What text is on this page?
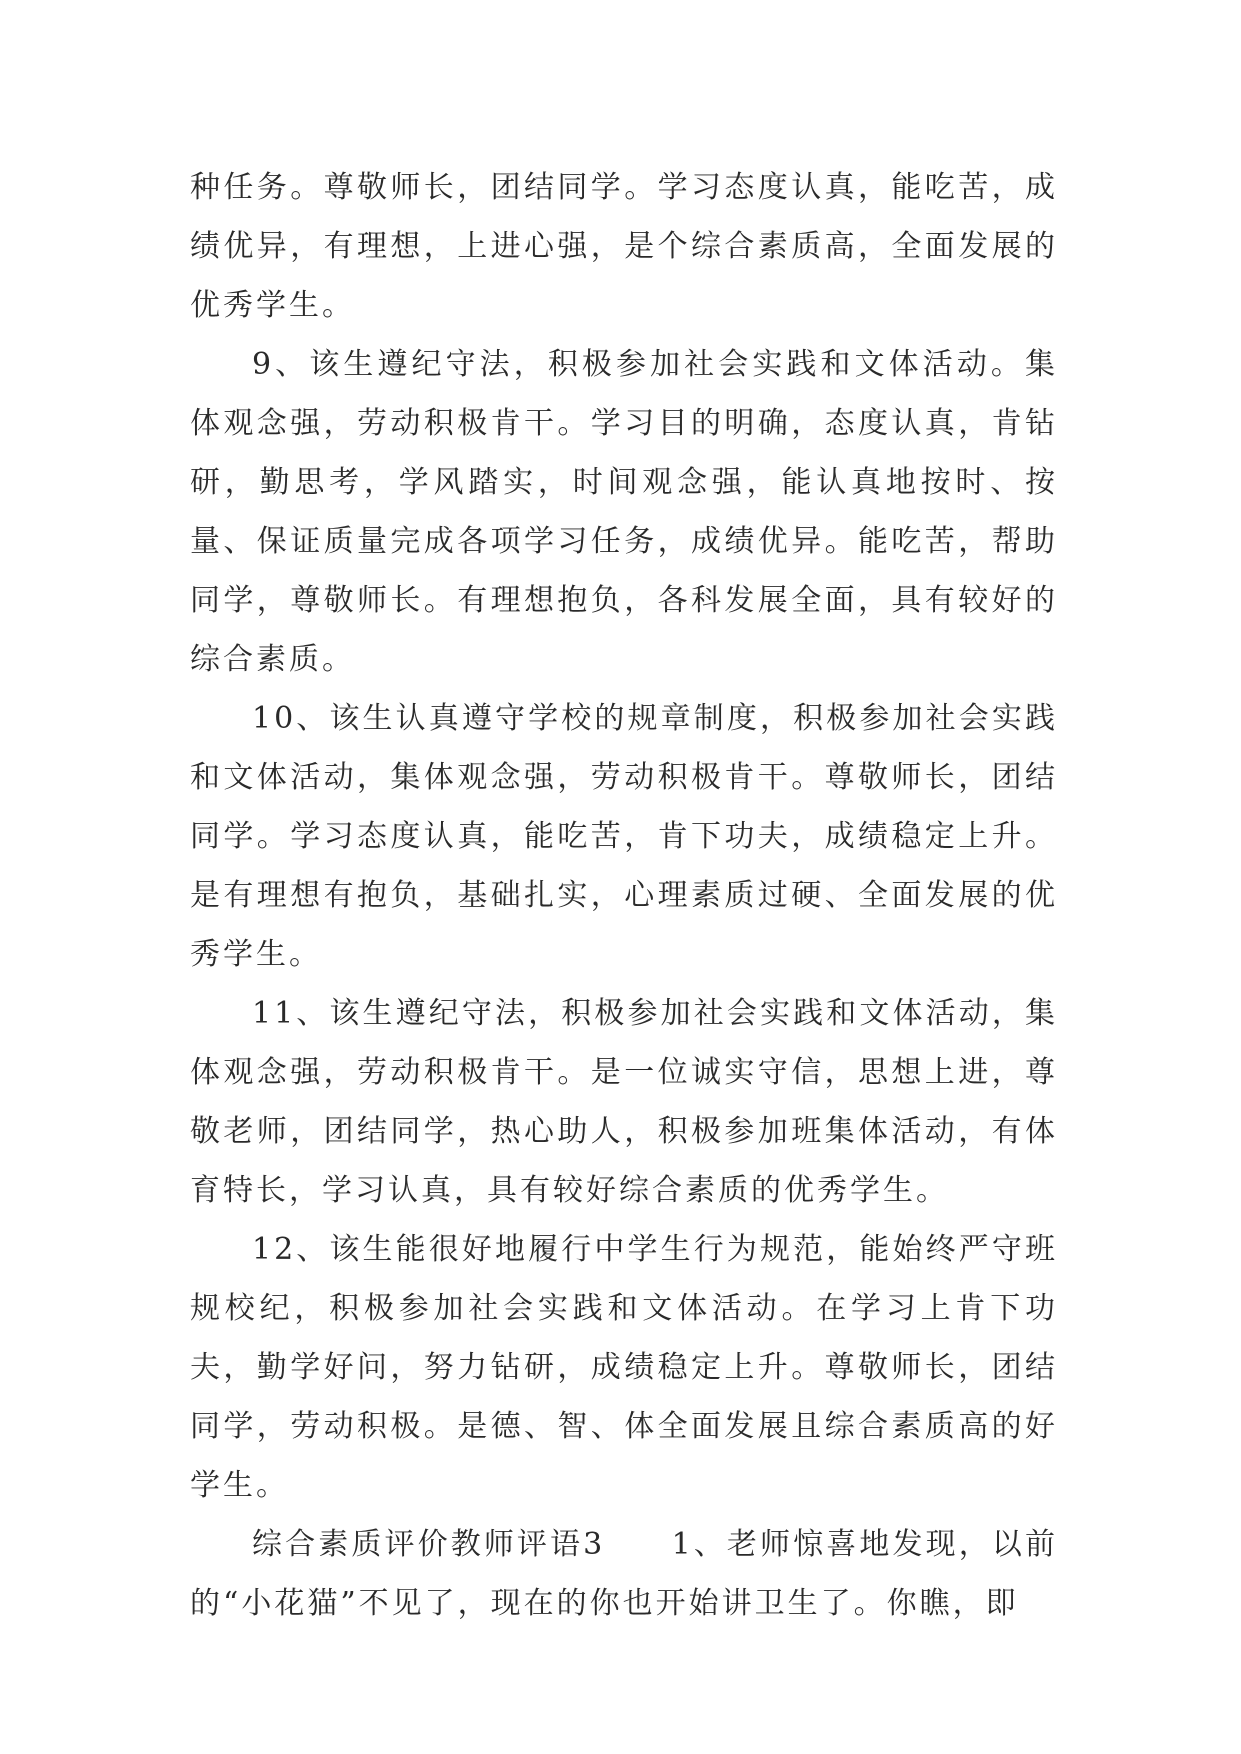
种任务。尊敬师长，团结同学。学习态度认真，能吃苦，成绩优异，有理想，上进心强，是个综合素质高，全面发展的优秀学生。

9、该生遵纪守法，积极参加社会实践和文体活动。集体观念强，劳动积极肯干。学习目的明确，态度认真，肯钻研，勤思考，学风踏实，时间观念强，能认真地按时、按量、保证质量完成各项学习任务，成绩优异。能吃苦，帮助同学，尊敬师长。有理想抱负，各科发展全面，具有较好的综合素质。

10、该生认真遵守学校的规章制度，积极参加社会实践和文体活动，集体观念强，劳动积极肯干。尊敬师长，团结同学。学习态度认真，能吃苦，肯下功夫，成绩稳定上升。是有理想有抱负，基础扎实，心理素质过硬、全面发展的优秀学生。

11、该生遵纪守法，积极参加社会实践和文体活动，集体观念强，劳动积极肯干。是一位诚实守信，思想上进，尊敬老师，团结同学，热心助人，积极参加班集体活动，有体育特长，学习认真，具有较好综合素质的优秀学生。

12、该生能很好地履行中学生行为规范，能始终严守班规校纪，积极参加社会实践和文体活动。在学习上肯下功夫，勤学好问，努力钻研，成绩稳定上升。尊敬师长，团结同学，劳动积极。是德、智、体全面发展且综合素质高的好学生。

综合素质评价教师评语3　　1、老师惊喜地发现，以前的“小花猫”不见了，现在的你也开始讲卫生了。你瞧，即
